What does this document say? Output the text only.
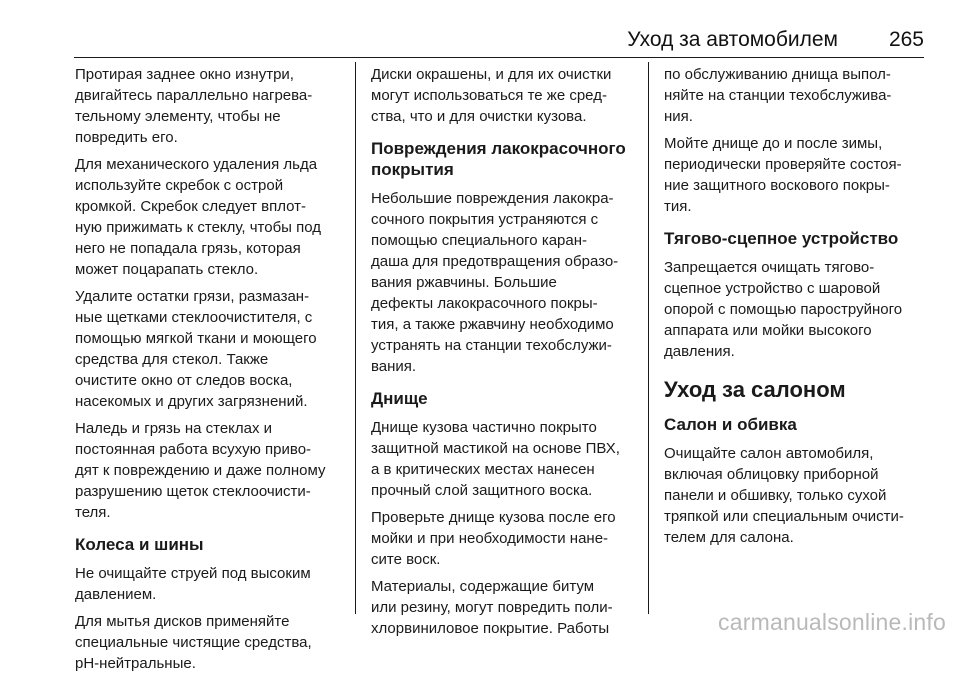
Уход за автомобилем 265

Протирая заднее окно изнутри,
двигайтесь параллельно нагрева-
тельному элементу, чтобы не
повредить его.

Для механического удаления льда
используйте скребок с острой
кромкой. Скребок следует вплот-
ную прижимать к стеклу, чтобы под
него не попадала грязь, которая
может поцарапать стекло.

Удалите остатки грязи, размазан-
ные щетками стеклоочистителя, с
помощью мягкой ткани и моющего
средства для стекол. Также
очистите окно от следов воска,
насекомых и других загрязнений.

Наледь и грязь на стеклах и
постоянная работа всухую приво-
дят к повреждению и даже полному
разрушению щеток стеклоочисти-
теля.

Колеса и шины

Не очищайте струей под высоким
давлением.

Для мытья дисков применяйте
специальные чистящие средства,
pH-нейтральные.

Диски окрашены, и для их очистки
могут использоваться те же сред-
ства, что и для очистки кузова.

Повреждения лакокрасочного
покрытия

Небольшие повреждения лакокра-
сочного покрытия устраняются с
помощью специального каран-
даша для предотвращения образо-
вания ржавчины. Большие
дефекты лакокрасочного покры-
тия, а также ржавчину необходимо
устранять на станции техобслужи-
вания.

Днище

Днище кузова частично покрыто
защитной мастикой на основе ПВХ,
а в критических местах нанесен
прочный слой защитного воска.

Проверьте днище кузова после его
мойки и при необходимости нане-
сите воск.

Материалы, содержащие битум
или резину, могут повредить поли-
хлорвиниловое покрытие. Работы

по обслуживанию днища выпол-
няйте на станции техобслужива-
ния.

Мойте днище до и после зимы,
периодически проверяйте состоя-
ние защитного воскового покры-
тия.

Тягово-сцепное устройство

Запрещается очищать тягово-
сцепное устройство с шаровой
опорой с помощью пароструйного
аппарата или мойки высокого
давления.

Уход за салоном
Салон и обивка

Очищайте салон автомобиля,
включая облицовку приборной
панели и обшивку, только сухой
тряпкой или специальным очисти-
телем для салона.

carmanualsonline.info
